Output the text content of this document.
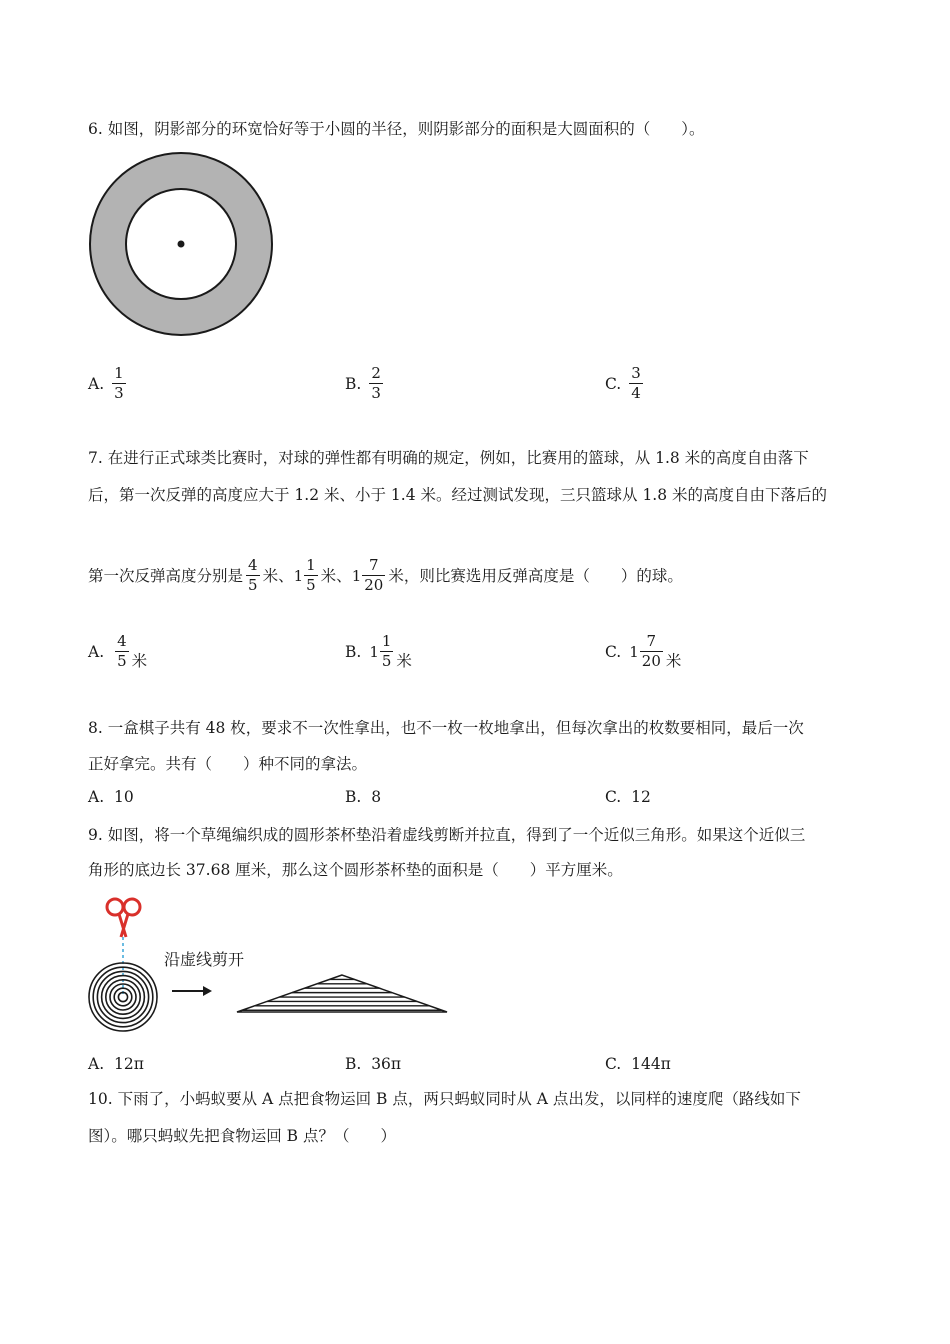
6. 如图，阴影部分的环宽恰好等于小圆的半径，则阴影部分的面积是大圆面积的（　　）。
A. $\frac{1}{3}$	B. $\frac{2}{3}$	C. $\frac{3}{4}$
7. 在进行正式球类比赛时，对球的弹性都有明确的规定，例如，比赛用的篮球，从 1.8 米的高度自由落下
后，第一次反弹的高度应大于 1.2 米、小于 1.4 米。经过测试发现，三只篮球从 1.8 米的高度自由下落后的
第一次反弹高度分别是 $\frac{4}{5}$ 米、 $1 \frac{1}{5}$ 米、 $1 \frac{7}{20}$ 米，则比赛选用反弹高度是（　　）的球。
A. $\frac{4}{5}$ 米
B. $1 \frac{1}{5}$ 米
C. $1 \frac{7}{20}$ 米
8. 一盒棋子共有 48 枚，要求不一次性拿出，也不一枚一枚地拿出，但每次拿出的枚数要相同，最后一次
正好拿完。共有（　　）种不同的拿法。
A. 10	B. 8	C. 12
9. 如图，将一个草绳编织成的圆形茶杯垫沿着虚线剪断并拉直，得到了一个近似三角形。如果这个近似三
角形的底边长 37.68 厘米，那么这个圆形茶杯垫的面积是（　　）平方厘米。
沿虚线剪开
A. 12π	B. 36π	C. 144π
10. 下雨了，小蚂蚁要从 A 点把食物运回 B 点，两只蚂蚁同时从 A 点出发，以同样的速度爬（路线如下
图）。哪只蚂蚁先把食物运回 B 点？（　　）
